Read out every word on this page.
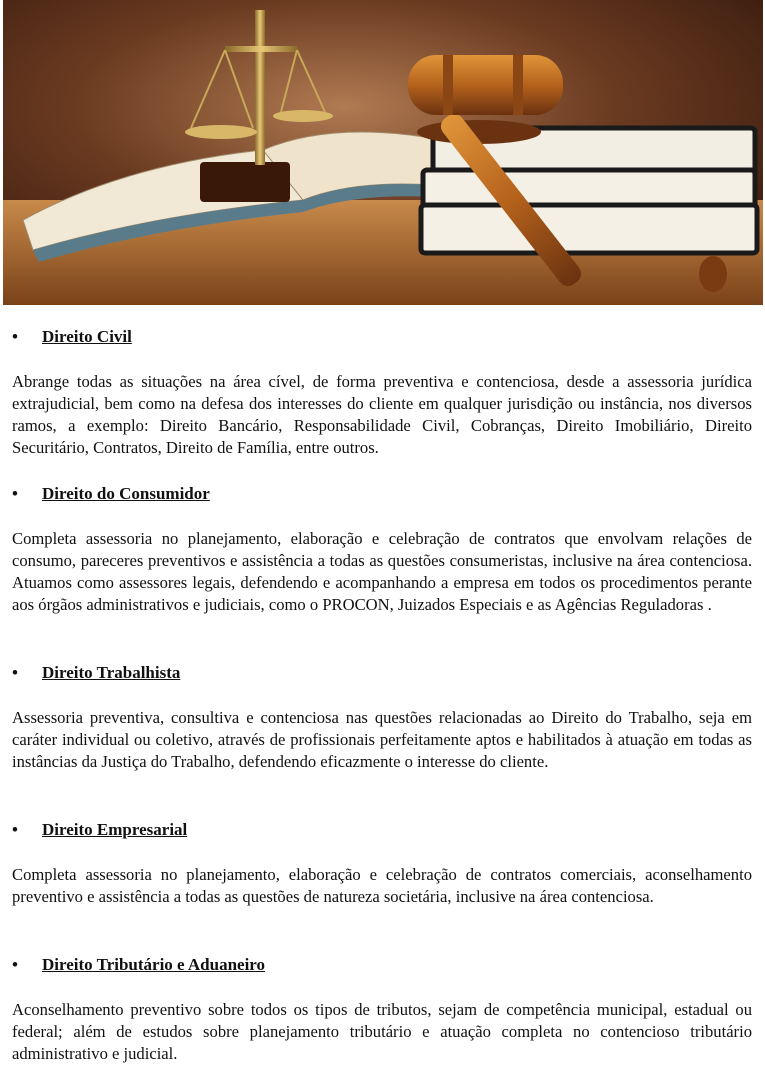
• Direito Civil
Abrange todas as situações na área cível, de forma preventiva e contenciosa, desde a assessoria jurídica extrajudicial, bem como na defesa dos interesses do cliente em qualquer jurisdição ou instância, nos diversos ramos, a exemplo: Direito Bancário, Responsabilidade Civil, Cobranças, Direito Imobiliário, Direito Securitário, Contratos, Direito de Família, entre outros.
• Direito do Consumidor
Completa assessoria no planejamento, elaboração e celebração de contratos que envolvam relações de consumo, pareceres preventivos e assistência a todas as questões consumeristas, inclusive na área contenciosa. Atuamos como assessores legais, defendendo e acompanhando a empresa em todos os procedimentos perante aos órgãos administrativos e judiciais, como o PROCON, Juizados Especiais e as Agências Reguladoras .
• Direito Trabalhista
Assessoria preventiva, consultiva e contenciosa nas questões relacionadas ao Direito do Trabalho, seja em caráter individual ou coletivo, através de profissionais perfeitamente aptos e habilitados à atuação em todas as instâncias da Justiça do Trabalho, defendendo eficazmente o interesse do cliente.
• Direito Empresarial
Completa assessoria no planejamento, elaboração e celebração de contratos comerciais, aconselhamento preventivo e assistência a todas as questões de natureza societária, inclusive na área contenciosa.
• Direito Tributário e Aduaneiro
Aconselhamento preventivo sobre todos os tipos de tributos, sejam de competência municipal, estadual ou federal; além de estudos sobre planejamento tributário e atuação completa no contencioso tributário administrativo e judicial.
